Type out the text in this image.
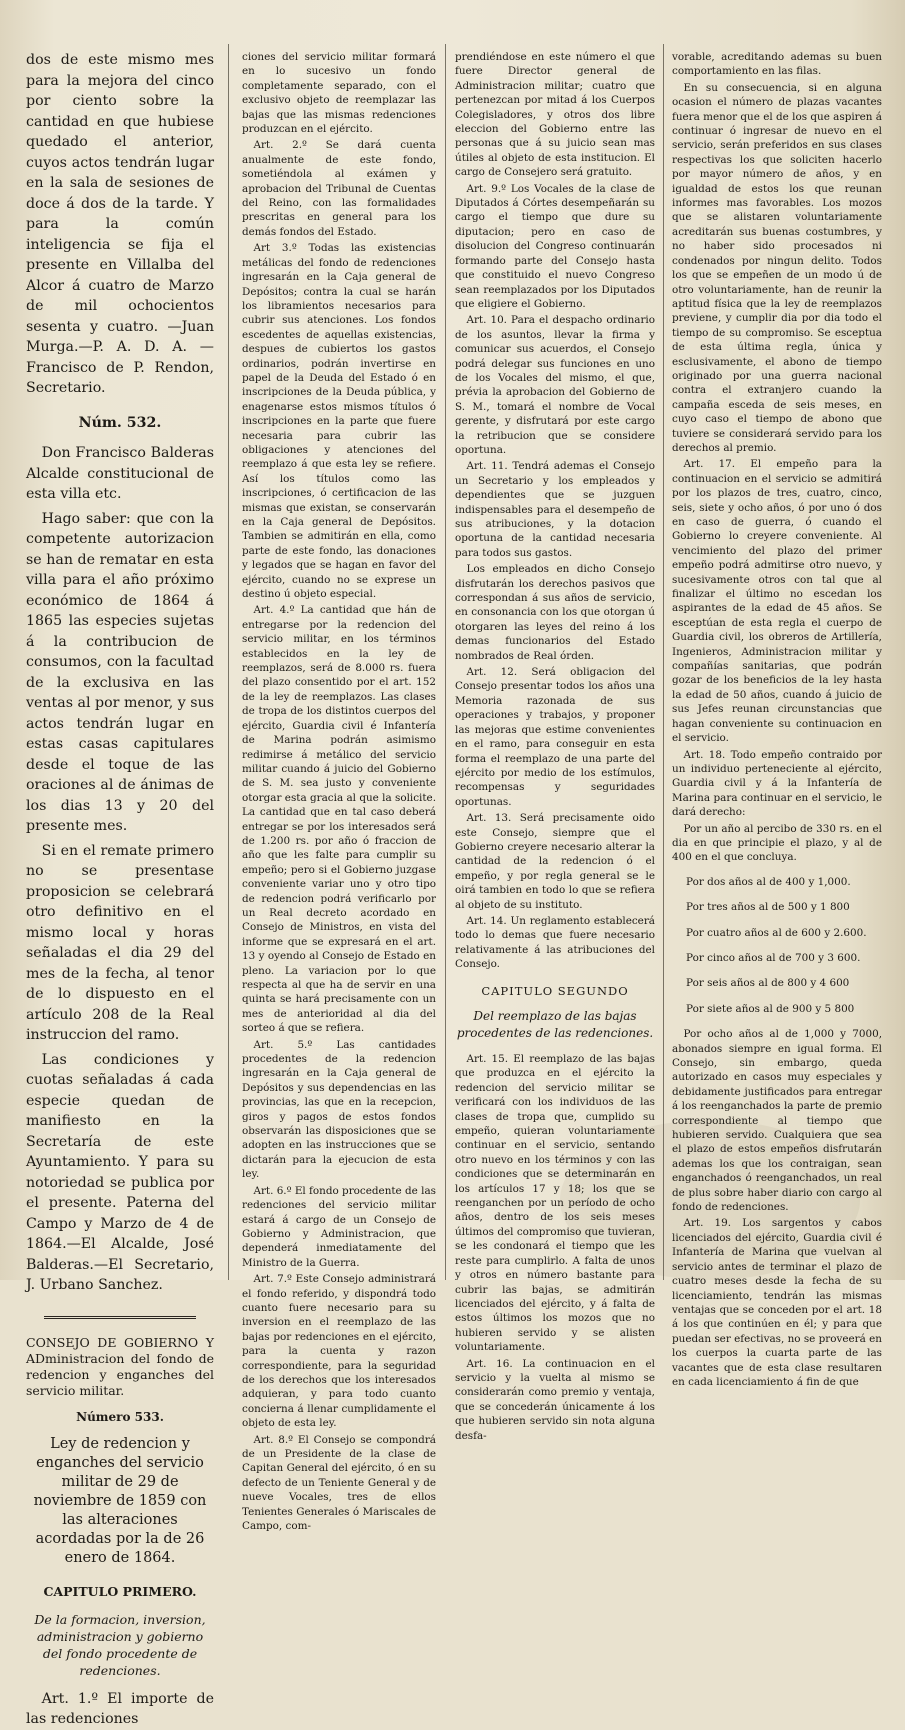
dos de este mismo mes para la mejora del cinco por ciento sobre la cantidad en que hubiese quedado el anterior, cuyos actos tendrán lugar en la sala de sesiones de doce á dos de la tarde. Y para la común inteligencia se fija el presente en Villalba del Alcor á cuatro de Marzo de mil ochocientos sesenta y cuatro. —Juan Murga.—P. A. D. A. —Francisco de P. Rendon, Secretario.

Núm. 532.

Don Francisco Balderas Alcalde constitucional de esta villa etc.

Hago saber: que con la competente autorizacion se han de rematar en esta villa para el año próximo económico de 1864 á 1865 las especies sujetas á la contribucion de consumos, con la facultad de la exclusiva en las ventas al por menor, y sus actos tendrán lugar en estas casas capitulares desde el toque de las oraciones al de ánimas de los dias 13 y 20 del presente mes.

Si en el remate primero no se presentase proposicion se celebrará otro definitivo en el mismo local y horas señaladas el dia 29 del mes de la fecha, al tenor de lo dispuesto en el artículo 208 de la Real instruccion del ramo.

Las condiciones y cuotas señaladas á cada especie quedan de manifiesto en la Secretaría de este Ayuntamiento. Y para su notoriedad se publica por el presente. Paterna del Campo y Marzo de 4 de 1864.—El Alcalde, José Balderas.—El Secretario, J. Urbano Sanchez.

CONSEJO DE GOBIERNO Y ADministracion del fondo de redencion y enganches del servicio militar.

Número 533.
Ley de redencion y enganches del servicio militar de 29 de noviembre de 1859 con las alteraciones acordadas por la de 26 enero de 1864.
CAPITULO PRIMERO.
De la formacion, inversion, administracion y gobierno del fondo procedente de redenciones.

Art. 1.º El importe de las redenciones

ciones del servicio militar formará en lo sucesivo un fondo completamente separado, con el exclusivo objeto de reemplazar las bajas que las mismas redenciones produzcan en el ejército.

Art. 2.º Se dará cuenta anualmente de este fondo, sometiéndola al exámen y aprobacion del Tribunal de Cuentas del Reino, con las formalidades prescritas en general para los demás fondos del Estado.

Art 3.º Todas las existencias metálicas del fondo de redenciones ingresarán en la Caja general de Depósitos; contra la cual se harán los libramientos necesarios para cubrir sus atenciones. Los fondos escedentes de aquellas existencias, despues de cubiertos los gastos ordinarios, podrán invertirse en papel de la Deuda del Estado ó en inscripciones de la Deuda pública, y enagenarse estos mismos títulos ó inscripciones en la parte que fuere necesaria para cubrir las obligaciones y atenciones del reemplazo á que esta ley se refiere. Así los títulos como las inscripciones, ó certificacion de las mismas que existan, se conservarán en la Caja general de Depósitos. Tambien se admitirán en ella, como parte de este fondo, las donaciones y legados que se hagan en favor del ejército, cuando no se exprese un destino ú objeto especial.

Art. 4.º La cantidad que hán de entregarse por la redencion del servicio militar, en los términos establecidos en la ley de reemplazos, será de 8.000 rs. fuera del plazo consentido por el art. 152 de la ley de reemplazos. Las clases de tropa de los distintos cuerpos del ejército, Guardia civil é Infantería de Marina podrán asimismo redimirse á metálico del servicio militar cuando á juicio del Gobierno de S. M. sea justo y conveniente otorgar esta gracia al que la solicite. La cantidad que en tal caso deberá entregar se por los interesados será de 1.200 rs. por año ó fraccion de año que les falte para cumplir su empeño; pero si el Gobierno juzgase conveniente variar uno y otro tipo de redencion podrá verificarlo por un Real decreto acordado en Consejo de Ministros, en vista del informe que se expresará en el art. 13 y oyendo al Consejo de Estado en pleno. La variacion por lo que respecta al que ha de servir en una quinta se hará precisamente con un mes de anterioridad al dia del sorteo á que se refiera.

Art. 5.º Las cantidades procedentes de la redencion ingresarán en la Caja general de Depósitos y sus dependencias en las provincias, las que en la recepcion, giros y pagos de estos fondos observarán las disposiciones que se adopten en las instrucciones que se dictarán para la ejecucion de esta ley.

Art. 6.º El fondo procedente de las redenciones del servicio militar estará á cargo de un Consejo de Gobierno y Administracion, que dependerá inmediatamente del Ministro de la Guerra.

Art. 7.º Este Consejo administrará el fondo referido, y dispondrá todo cuanto fuere necesario para su inversion en el reemplazo de las bajas por redenciones en el ejército, para la cuenta y razon correspondiente, para la seguridad de los derechos que los interesados adquieran, y para todo cuanto conciernа á llenar cumplidamente el objeto de esta ley.

Art. 8.º El Consejo se compondrá de un Presidente de la clase de Capitan General del ejército, ó en su defecto de un Teniente General y de nueve Vocales, tres de ellos Tenientes Generales ó Mariscales de Campo, com-

prendiéndose en este número el que fuere Director general de Administracion militar; cuatro que pertenezcan por mitad á los Cuerpos Colegisladores, y otros dos libre eleccion del Gobierno entre las personas que á su juicio sean mas útiles al objeto de esta institucion. El cargo de Consejero será gratuito.

Art. 9.º Los Vocales de la clase de Diputados á Córtes desempeñarán su cargo el tiempo que dure su diputacion; pero en caso de disolucion del Congreso continuarán formando parte del Consejo hasta que constituido el nuevo Congreso sean reemplazados por los Diputados que eligiere el Gobierno.

Art. 10. Para el despacho ordinario de los asuntos, llevar la firma y comunicar sus acuerdos, el Consejo podrá delegar sus funciones en uno de los Vocales del mismo, el que, prévia la aprobacion del Gobierno de S. M., tomará el nombre de Vocal gerente, y disfrutará por este cargo la retribucion que se considere oportuna.

Art. 11. Tendrá ademas el Consejo un Secretario y los empleados y dependientes que se juzguen indispensables para el desempeño de sus atribuciones, y la dotacion oportuna de la cantidad necesaria para todos sus gastos.

Los empleados en dicho Consejo disfrutarán los derechos pasivos que correspondan á sus años de servicio, en consonancia con los que otorgan ú otorgaren las leyes del reino á los demas funcionarios del Estado nombrados de Real órden.

Art. 12. Será obligacion del Consejo presentar todos los años una Memoria razonada de sus operaciones y trabajos, y proponer las mejoras que estime convenientes en el ramo, para conseguir en esta forma el reemplazo de una parte del ejército por medio de los estímulos, recompensas y seguridades oportunas.

Art. 13. Será precisamente oido este Consejo, siempre que el Gobierno creyere necesario alterar la cantidad de la redencion ó el empeño, y por regla general se le oirá tambien en todo lo que se refiera al objeto de su instituto.

Art. 14. Un reglamento establecerá todo lo demas que fuere necesario relativamente á las atribuciones del Consejo.

CAPITULO SEGUNDO
Del reemplazo de las bajas procedentes de las redenciones.

Art. 15. El reemplazo de las bajas que produzca en el ejército la redencion del servicio militar se verificará con los individuos de las clases de tropa que, cumplido su empeño, quieran voluntariamente continuar en el servicio, sentando otro nuevo en los términos y con las condiciones que se determinarán en los artículos 17 y 18; los que se reenganchen por un período de ocho años, dentro de los seis meses últimos del compromiso que tuvieran, se les condonará el tiempo que les reste para cumplirlo. A falta de unos y otros en número bastante para cubrir las bajas, se admitirán licenciados del ejército, y á falta de estos últimos los mozos que no hubieren servido y se alisten voluntariamente.

Art. 16. La continuacion en el servicio y la vuelta al mismo se considerarán como premio y ventaja, que se concederán únicamente á los que hubieren servido sin nota alguna desfa-

vorable, acreditando ademas su buen comportamiento en las filas.

En su consecuencia, si en alguna ocasion el número de plazas vacantes fuera menor que el de los que aspiren á continuar ó ingresar de nuevo en el servicio, serán preferidos en sus clases respectivas los que soliciten hacerlo por mayor número de años, y en igualdad de estos los que reunan informes mas favorables. Los mozos que se alistaren voluntariamente acreditarán sus buenas costumbres, y no haber sido procesados ni condenados por ningun delito. Todos los que se empeñen de un modo ú de otro voluntariamente, han de reunir la aptitud física que la ley de reemplazos previene, y cumplir dia por dia todo el tiempo de su compromiso. Se esceptua de esta última regla, única y esclusivamente, el abono de tiempo originado por una guerra nacional contra el extranjero cuando la campaña esceda de seis meses, en cuyo caso el tiempo de abono que tuviere se considerará servido para los derechos al premio.

Art. 17. El empeño para la continuacion en el servicio se admitirá por los plazos de tres, cuatro, cinco, seis, siete y ocho años, ó por uno ó dos en caso de guerra, ó cuando el Gobierno lo creyere conveniente. Al vencimiento del plazo del primer empeño podrá admitirse otro nuevo, y sucesivamente otros con tal que al finalizar el último no escedan los aspirantes de la edad de 45 años. Se esceptúan de esta regla el cuerpo de Guardia civil, los obreros de Artillería, Ingenieros, Administracion militar y compañías sanitarias, que podrán gozar de los beneficios de la ley hasta la edad de 50 años, cuando á juicio de sus Jefes reunan circunstancias que hagan conveniente su continuacion en el servicio.

Art. 18. Todo empeño contraido por un individuo perteneciente al ejército, Guardia civil y á la Infantería de Marina para continuar en el servicio, le dará derecho:

Por un año al percibo de 330 rs. en el dia en que principie el plazo, y al de 400 en el que concluya.

Por dos años al de 400 y 1,000.
Por tres años al de 500 y 1 800
Por cuatro años al de 600 y 2.600.
Por cinco años al de 700 y 3 600.
Por seis años al de 800 y 4 600
Por siete años al de 900 y 5 800

Por ocho años al de 1,000 y 7000, abonados siempre en igual forma. El Consejo, sin embargo, queda autorizado en casos muy especiales y debidamente justificados para entregar á los reenganchados la parte de premio correspondiente al tiempo que hubieren servido. Cualquiera que sea el plazo de estos empeños disfrutarán ademas los que los contraigan, sean enganchados ó reenganchados, un real de plus sobre haber diario con cargo al fondo de redenciones.

Art. 19. Los sargentos y cabos licenciados del ejército, Guardia civil é Infantería de Marina que vuelvan al servicio antes de terminar el plazo de cuatro meses desde la fecha de su licenciamiento, tendrán las mismas ventajas que se conceden por el art. 18 á los que continúen en él; y para que puedan ser efectivas, no se proveerá en los cuerpos la cuarta parte de las vacantes que de esta clase resultaren en cada licenciamiento á fin de que
